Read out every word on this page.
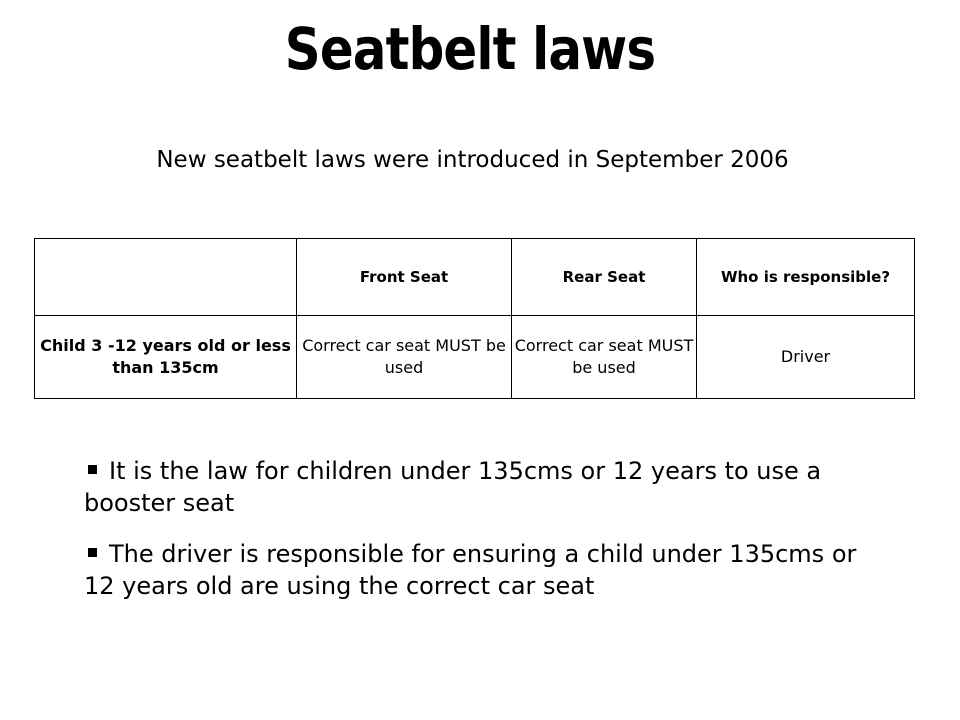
Seatbelt laws
New seatbelt laws were introduced in September 2006
	Front Seat	Rear Seat	Who is responsible?
Child 3 -12 years old or less than 135cm	Correct car seat MUST be used	Correct car seat MUST be used	Driver
It is the law for children under 135cms or 12 years to use a booster seat
The driver is responsible for ensuring a child under 135cms or 12 years old are using the correct car seat
